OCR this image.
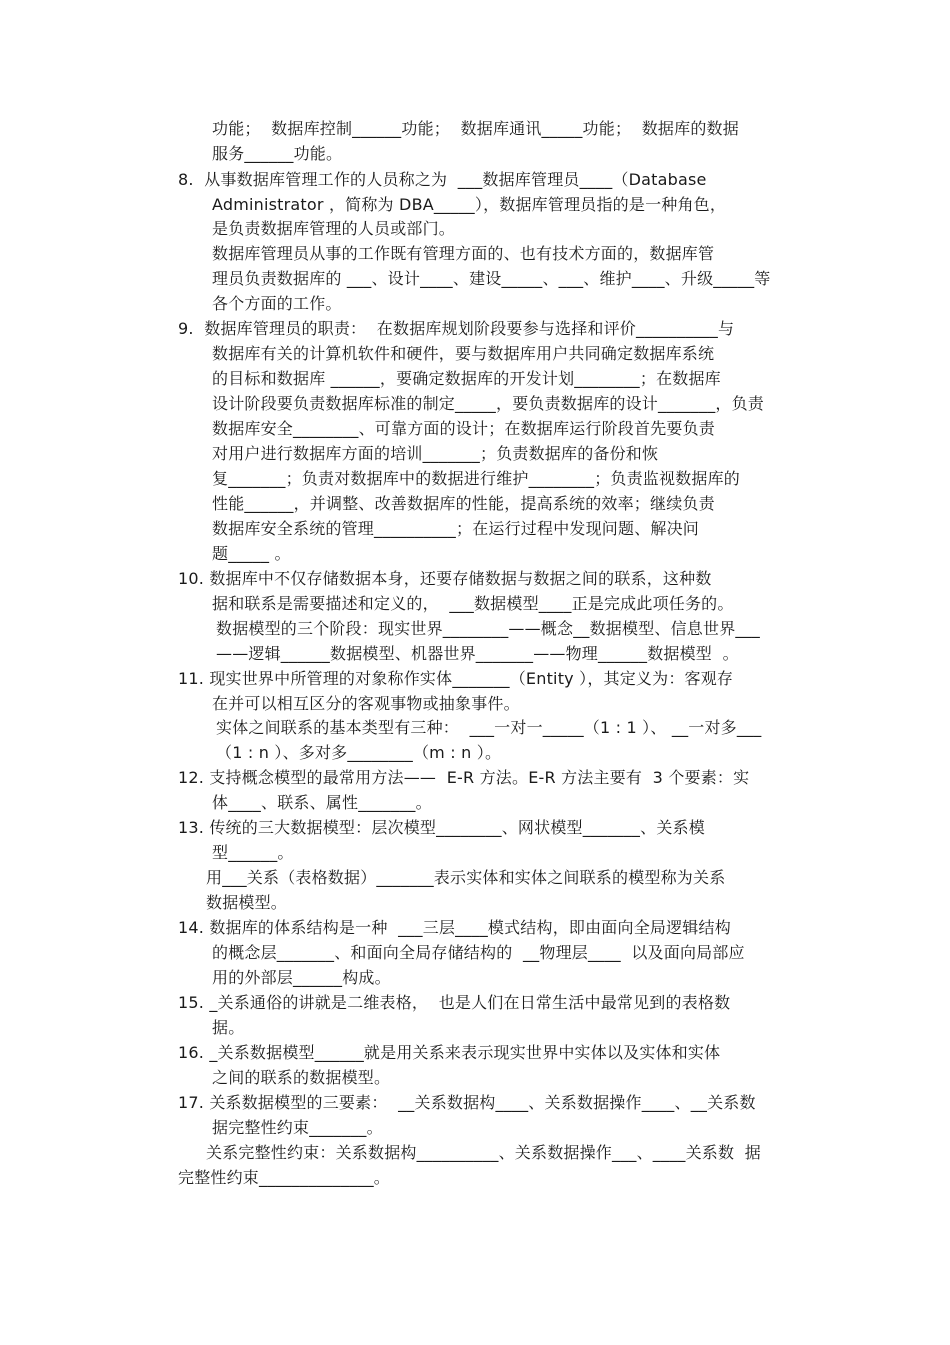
功能；  数据库控制______功能；  数据库通讯_____功能；  数据库的数据
服务______功能。
8.  从事数据库管理工作的人员称之为  ___数据库管理员____（Database
Administrator ，简称为 DBA_____），数据库管理员指的是一种角色，
是负责数据库管理的人员或部门。
数据库管理员从事的工作既有管理方面的、也有技术方面的，数据库管
理员负责数据库的 ___、设计____、建设_____、___、维护____、升级_____等
各个方面的工作。
9.  数据库管理员的职责：  在数据库规划阶段要参与选择和评价__________与
数据库有关的计算机软件和硬件，要与数据库用户共同确定数据库系统
的目标和数据库 ______，要确定数据库的开发计划________；在数据库
设计阶段要负责数据库标准的制定_____，要负责数据库的设计_______，负责
数据库安全________、可靠方面的设计；在数据库运行阶段首先要负责
对用户进行数据库方面的培训_______；负责数据库的备份和恢
复_______；负责对数据库中的数据进行维护________；负责监视数据库的
性能______，并调整、改善数据库的性能，提高系统的效率；继续负责
数据库安全系统的管理__________；在运行过程中发现问题、解决问
题_____ 。
10. 数据库中不仅存储数据本身，还要存储数据与数据之间的联系，这种数
据和联系是需要描述和定义的，  ___数据模型____正是完成此项任务的。
数据模型的三个阶段：现实世界________——概念__数据模型、信息世界___
——逻辑______数据模型、机器世界_______——物理______数据模型  。
11. 现实世界中所管理的对象称作实体_______（Entity ），其定义为：客观存
在并可以相互区分的客观事物或抽象事件。
实体之间联系的基本类型有三种：  ___一对一_____（1 : 1 ）、 __一对多___
（1 : n ）、多对多________（m : n ）。
12. 支持概念模型的最常用方法——  E-R 方法。E-R 方法主要有  3 个要素：实
体____、联系、属性_______。
13. 传统的三大数据模型：层次模型________、网状模型_______、关系模
型______。
用___关系（表格数据）_______表示实体和实体之间联系的模型称为关系
数据模型。
14. 数据库的体系结构是一种  ___三层____模式结构，即由面向全局逻辑结构
的概念层_______、和面向全局存储结构的  __物理层____  以及面向局部应
用的外部层______构成。
15. _关系通俗的讲就是二维表格，  也是人们在日常生活中最常见到的表格数
据。
16. _关系数据模型______就是用关系来表示现实世界中实体以及实体和实体
之间的联系的数据模型。
17. 关系数据模型的三要素：  __关系数据构____、关系数据操作____、__关系数
据完整性约束_______。
关系完整性约束：关系数据构__________、关系数据操作___、____关系数  据
完整性约束______________。
